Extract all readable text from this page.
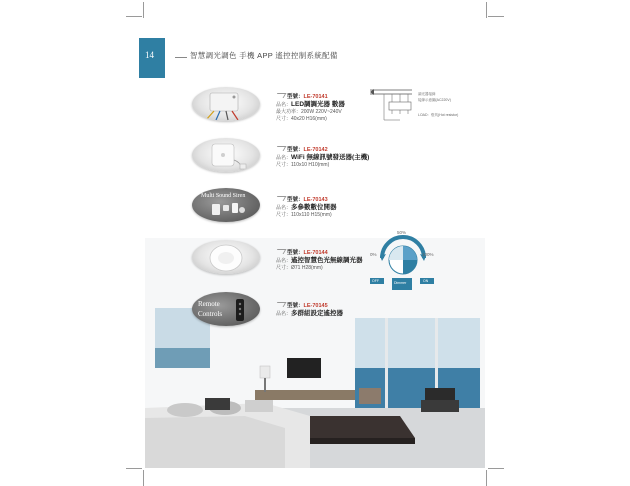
14	智慧調光調色 手機 APP 遙控控制系統配備
型號：LE-70141
品名：LED調調光器 數器
最大功率：200W 220V~240V
尺寸：40x20 H16(mm)
調光器接線
接線示意圖(AC220V)
LOAD：燈具(Hot resistor)
型號：LE-70142
品名：WiFi 無線訊號發送器(主機)
尺寸：110x10 H10(mm)
Multi Sound Siren
型號：LE-70143
品名：多參數數位開器
尺寸：110x110 H15(mm)
型號：LE-70144
品名：遙控智慧色光無線調光器
尺寸：Ø71 H28(mm)
50%
0%	100%
OFF	Dimmer	ON
Remote
Controls
型號：LE-70145
品名：多群組設定遙控器
